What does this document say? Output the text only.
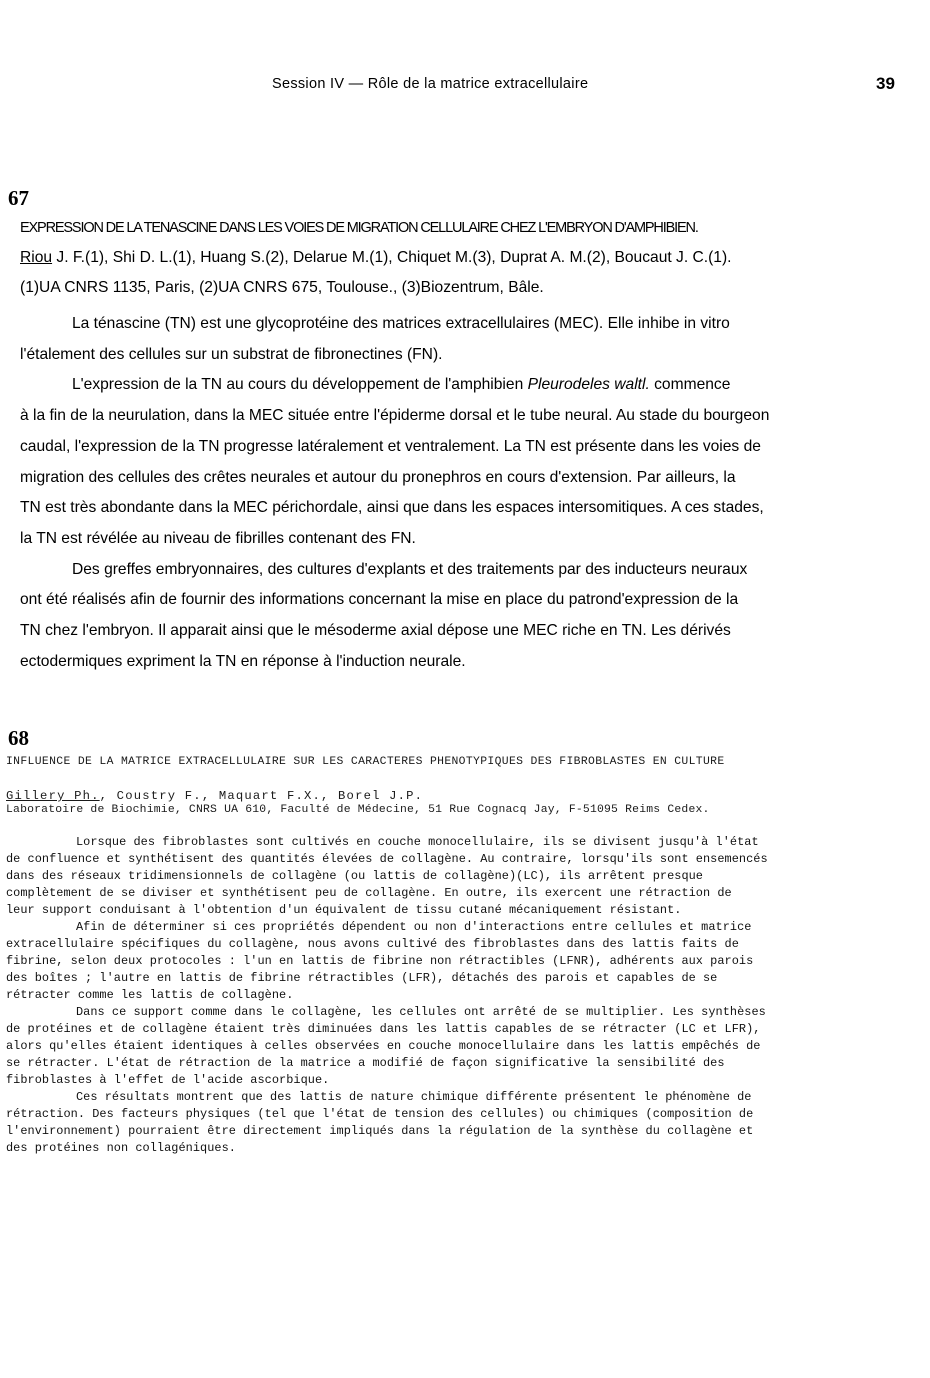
Session IV — Rôle de la matrice extracellulaire	39
67
EXPRESSION DE LA TENASCINE DANS LES VOIES DE MIGRATION CELLULAIRE CHEZ L'EMBRYON D'AMPHIBIEN.
Riou J. F.(1), Shi D. L.(1), Huang S.(2), Delarue M.(1), Chiquet M.(3), Duprat A. M.(2), Boucaut J. C.(1).
(1)UA CNRS 1135, Paris, (2)UA CNRS 675, Toulouse., (3)Biozentrum, Bâle.
La ténascine (TN) est une glycoprotéine des matrices extracellulaires (MEC). Elle inhibe in vitro
l'étalement des cellules sur un substrat de fibronectines (FN).
L'expression de la TN au cours du développement de l'amphibien Pleurodeles waltl. commence
à la fin de la neurulation, dans la MEC située entre l'épiderme dorsal et le tube neural. Au stade du bourgeon
caudal, l'expression de la TN progresse latéralement et ventralement. La TN est présente dans les voies de
migration des cellules des crêtes neurales et autour du pronephros en cours d'extension. Par ailleurs, la
TN est très abondante dans la MEC périchordale, ainsi que dans les espaces intersomitiques. A ces stades,
la TN est révélée au niveau de fibrilles contenant des FN.
Des greffes embryonnaires, des cultures d'explants et des traitements par des inducteurs neuraux
ont été réalisés afin de fournir des informations concernant la mise en place du patrond'expression de la
TN chez l'embryon. Il apparait ainsi que le mésoderme axial dépose une MEC riche en TN. Les dérivés
ectodermiques expriment la TN en réponse à l'induction neurale.
68
INFLUENCE DE LA MATRICE EXTRACELLULAIRE SUR LES CARACTERES PHENOTYPIQUES DES FIBROBLASTES EN CULTURE
Gillery Ph., Coustry F., Maquart F.X., Borel J.P.
Laboratoire de Biochimie, CNRS UA 610, Faculté de Médecine, 51 Rue Cognacq Jay, F-51095 Reims Cedex.
Lorsque des fibroblastes sont cultivés en couche monocellulaire, ils se divisent jusqu'à l'état
de confluence et synthétisent des quantités élevées de collagène. Au contraire, lorsqu'ils sont ensemencés
dans des réseaux tridimensionnels de collagène (ou lattis de collagène)(LC), ils arrêtent presque
complètement de se diviser et synthétisent peu de collagène. En outre, ils exercent une rétraction de
leur support conduisant à l'obtention d'un équivalent de tissu cutané mécaniquement résistant.
Afin de déterminer si ces propriétés dépendent ou non d'interactions entre cellules et matrice
extracellulaire spécifiques du collagène, nous avons cultivé des fibroblastes dans des lattis faits de
fibrine, selon deux protocoles : l'un en lattis de fibrine non rétractibles (LFNR), adhérents aux parois
des boîtes ; l'autre en lattis de fibrine rétractibles (LFR), détachés des parois et capables de se
rétracter comme les lattis de collagène.
Dans ce support comme dans le collagène, les cellules ont arrêté de se multiplier. Les synthèses
de protéines et de collagène étaient très diminuées dans les lattis capables de se rétracter (LC et LFR),
alors qu'elles étaient identiques à celles observées en couche monocellulaire dans les lattis empêchés de
se rétracter. L'état de rétraction de la matrice a modifié de façon significative la sensibilité des
fibroblastes à l'effet de l'acide ascorbique.
Ces résultats montrent que des lattis de nature chimique différente présentent le phénomène de
rétraction. Des facteurs physiques (tel que l'état de tension des cellules) ou chimiques (composition de
l'environnement) pourraient être directement impliqués dans la régulation de la synthèse du collagène et
des protéines non collagéniques.
